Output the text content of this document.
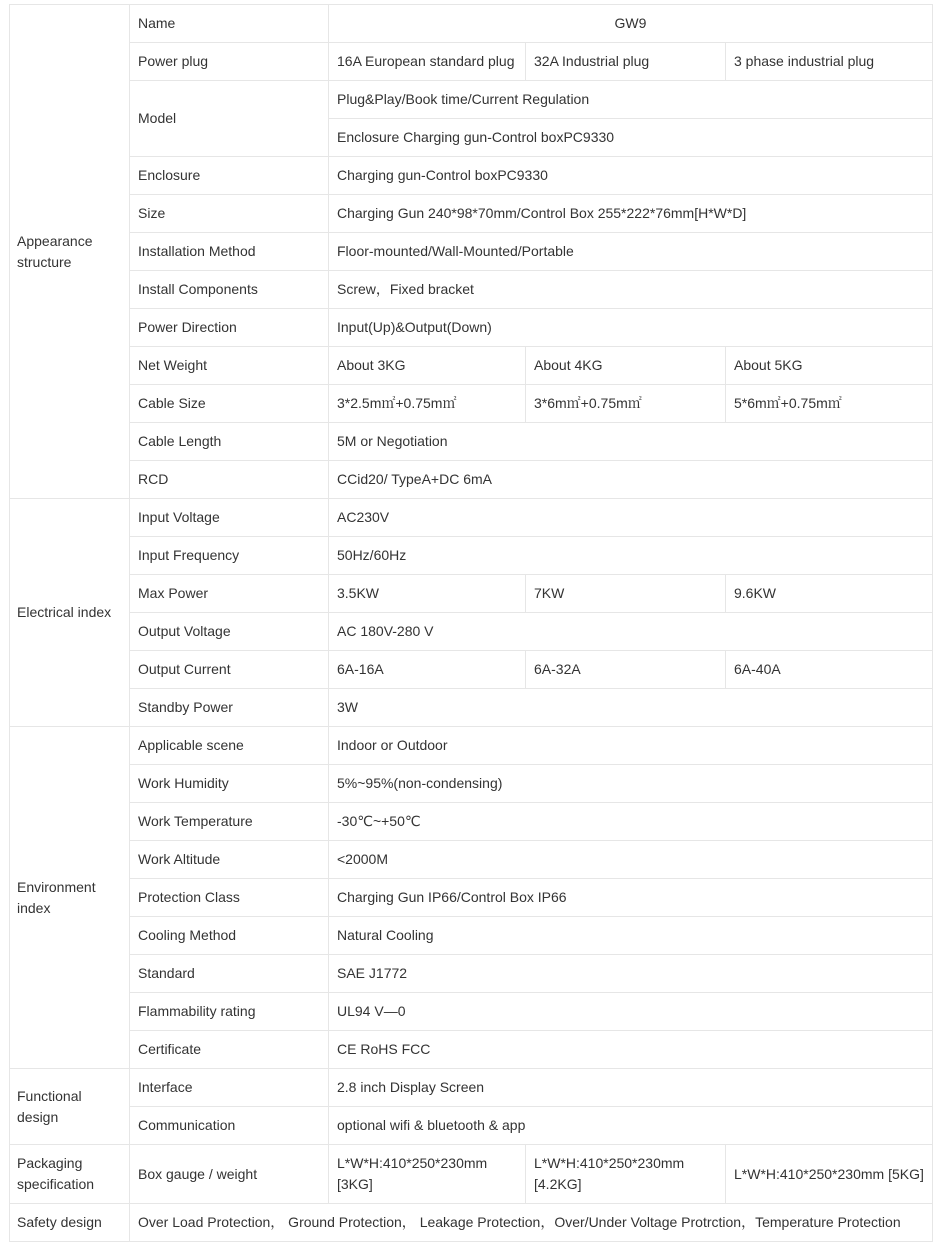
Appearance structure	Name	GW9		
	Power plug	16A European standard plug	32A Industrial plug	3 phase industrial plug
	Model	Plug&Play/Book time/Current Regulation		
		Enclosure Charging gun-Control boxPC9330		
	Enclosure	Charging gun-Control boxPC9330		
	Size	Charging Gun 240*98*70mm/Control Box 255*222*76mm[H*W*D]		
	Installation Method	Floor-mounted/Wall-Mounted/Portable		
	Install Components	Screw，Fixed bracket		
	Power Direction	Input(Up)&Output(Down)		
	Net Weight	About 3KG	About 4KG	About 5KG
	Cable Size	3*2.5m㎡+0.75m㎡	3*6m㎡+0.75m㎡	5*6m㎡+0.75m㎡
	Cable Length	5M or Negotiation		
	RCD	CCid20/ TypeA+DC 6mA		
Electrical index	Input Voltage	AC230V		
	Input Frequency	50Hz/60Hz		
	Max Power	3.5KW	7KW	9.6KW
	Output Voltage	AC 180V-280 V		
	Output Current	6A-16A	6A-32A	6A-40A
	Standby Power	3W		
Environment index	Applicable scene	Indoor or Outdoor		
	Work Humidity	5%~95%(non-condensing)		
	Work Temperature	-30℃~+50℃		
	Work Altitude	<2000M		
	Protection Class	Charging Gun IP66/Control Box IP66		
	Cooling Method	Natural Cooling		
	Standard	SAE J1772		
	Flammability rating	UL94 V—0		
	Certificate	CE RoHS FCC		
Functional design	Interface	2.8 inch Display Screen		
	Communication	optional wifi & bluetooth & app		
Packaging specification	Box gauge / weight	L*W*H:410*250*230mm [3KG]	L*W*H:410*250*230mm [4.2KG]	L*W*H:410*250*230mm [5KG]
Safety design	Over Load Protection， Ground Protection， Leakage Protection，Over/Under Voltage Protrction，Temperature Protection			
